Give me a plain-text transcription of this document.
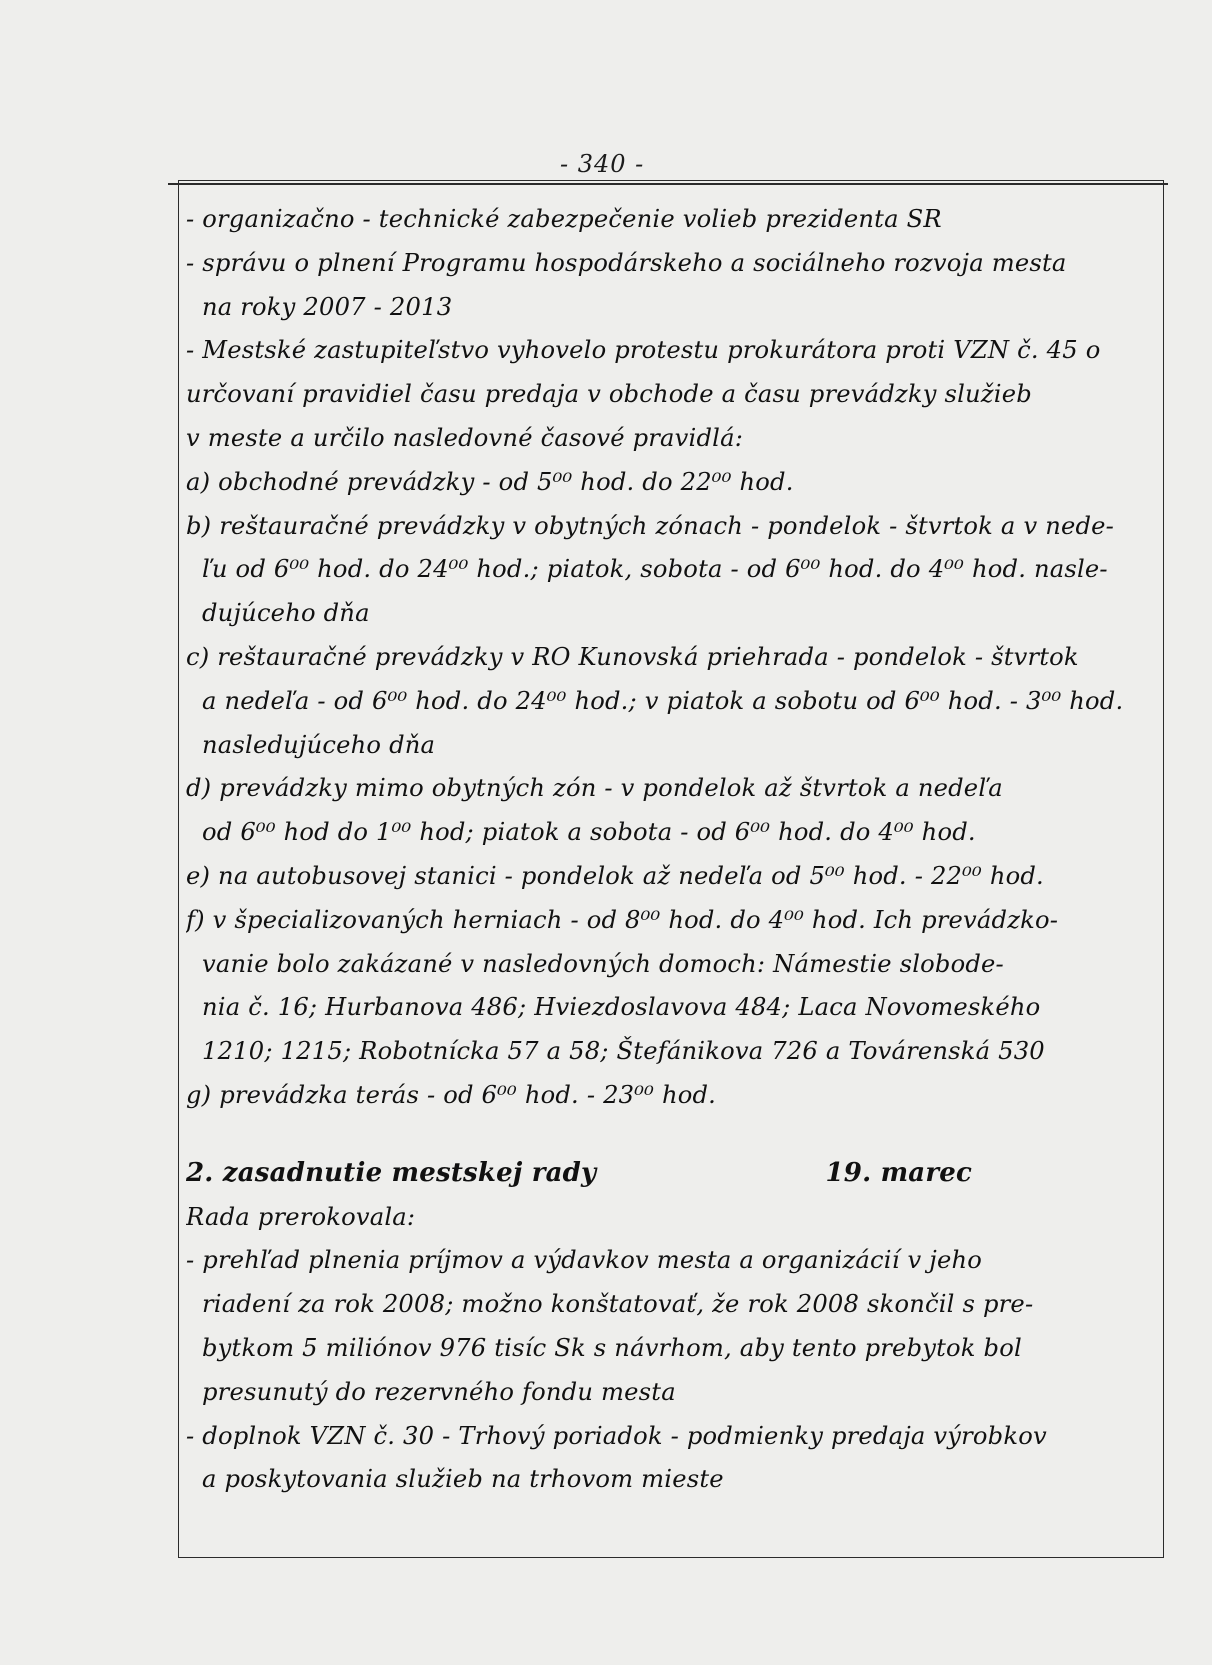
- 340 -
- organizačno - technické zabezpečenie volieb prezidenta SR
- správu o plnení Programu hospodárskeho a sociálneho rozvoja mesta
na roky 2007 - 2013
- Mestské zastupiteľstvo vyhovelo protestu prokurátora proti VZN č. 45 o
určovaní pravidiel času predaja v obchode a času prevádzky služieb
v meste a určilo nasledovné časové pravidlá:
a) obchodné prevádzky - od 5⁰⁰ hod. do 22⁰⁰ hod.
b) reštauračné prevádzky v obytných zónach - pondelok - štvrtok a v nede-
ľu od 6⁰⁰ hod. do 24⁰⁰ hod.; piatok, sobota - od 6⁰⁰ hod. do 4⁰⁰ hod. nasle-
dujúceho dňa
c) reštauračné prevádzky v RO Kunovská priehrada - pondelok - štvrtok
a nedeľa - od 6⁰⁰ hod. do 24⁰⁰ hod.; v piatok a sobotu od 6⁰⁰ hod. - 3⁰⁰ hod.
nasledujúceho dňa
d) prevádzky mimo obytných zón - v pondelok až štvrtok a nedeľa
od 6⁰⁰ hod do 1⁰⁰ hod; piatok a sobota - od 6⁰⁰ hod. do 4⁰⁰ hod.
e) na autobusovej stanici - pondelok až nedeľa od 5⁰⁰ hod. - 22⁰⁰ hod.
f) v špecializovaných herniach - od 8⁰⁰ hod. do 4⁰⁰ hod. Ich prevádzko-
vanie bolo zakázané v nasledovných domoch: Námestie slobode-
nia č. 16; Hurbanova 486; Hviezdoslavova 484; Laca Novomeského
1210; 1215; Robotnícka 57 a 58; Štefánikova 726 a Továrenská 530
g) prevádzka terás - od 6⁰⁰ hod. - 23⁰⁰ hod.
2. zasadnutie mestskej rady	19. marec
Rada prerokovala:
- prehľad plnenia príjmov a výdavkov mesta a organizácií v jeho
riadení za rok 2008; možno konštatovať, že rok 2008 skončil s pre-
bytkom 5 miliónov 976 tisíc Sk s návrhom, aby tento prebytok bol
presunutý do rezervného fondu mesta
- doplnok VZN č. 30 - Trhový poriadok - podmienky predaja výrobkov
a poskytovania služieb na trhovom mieste
